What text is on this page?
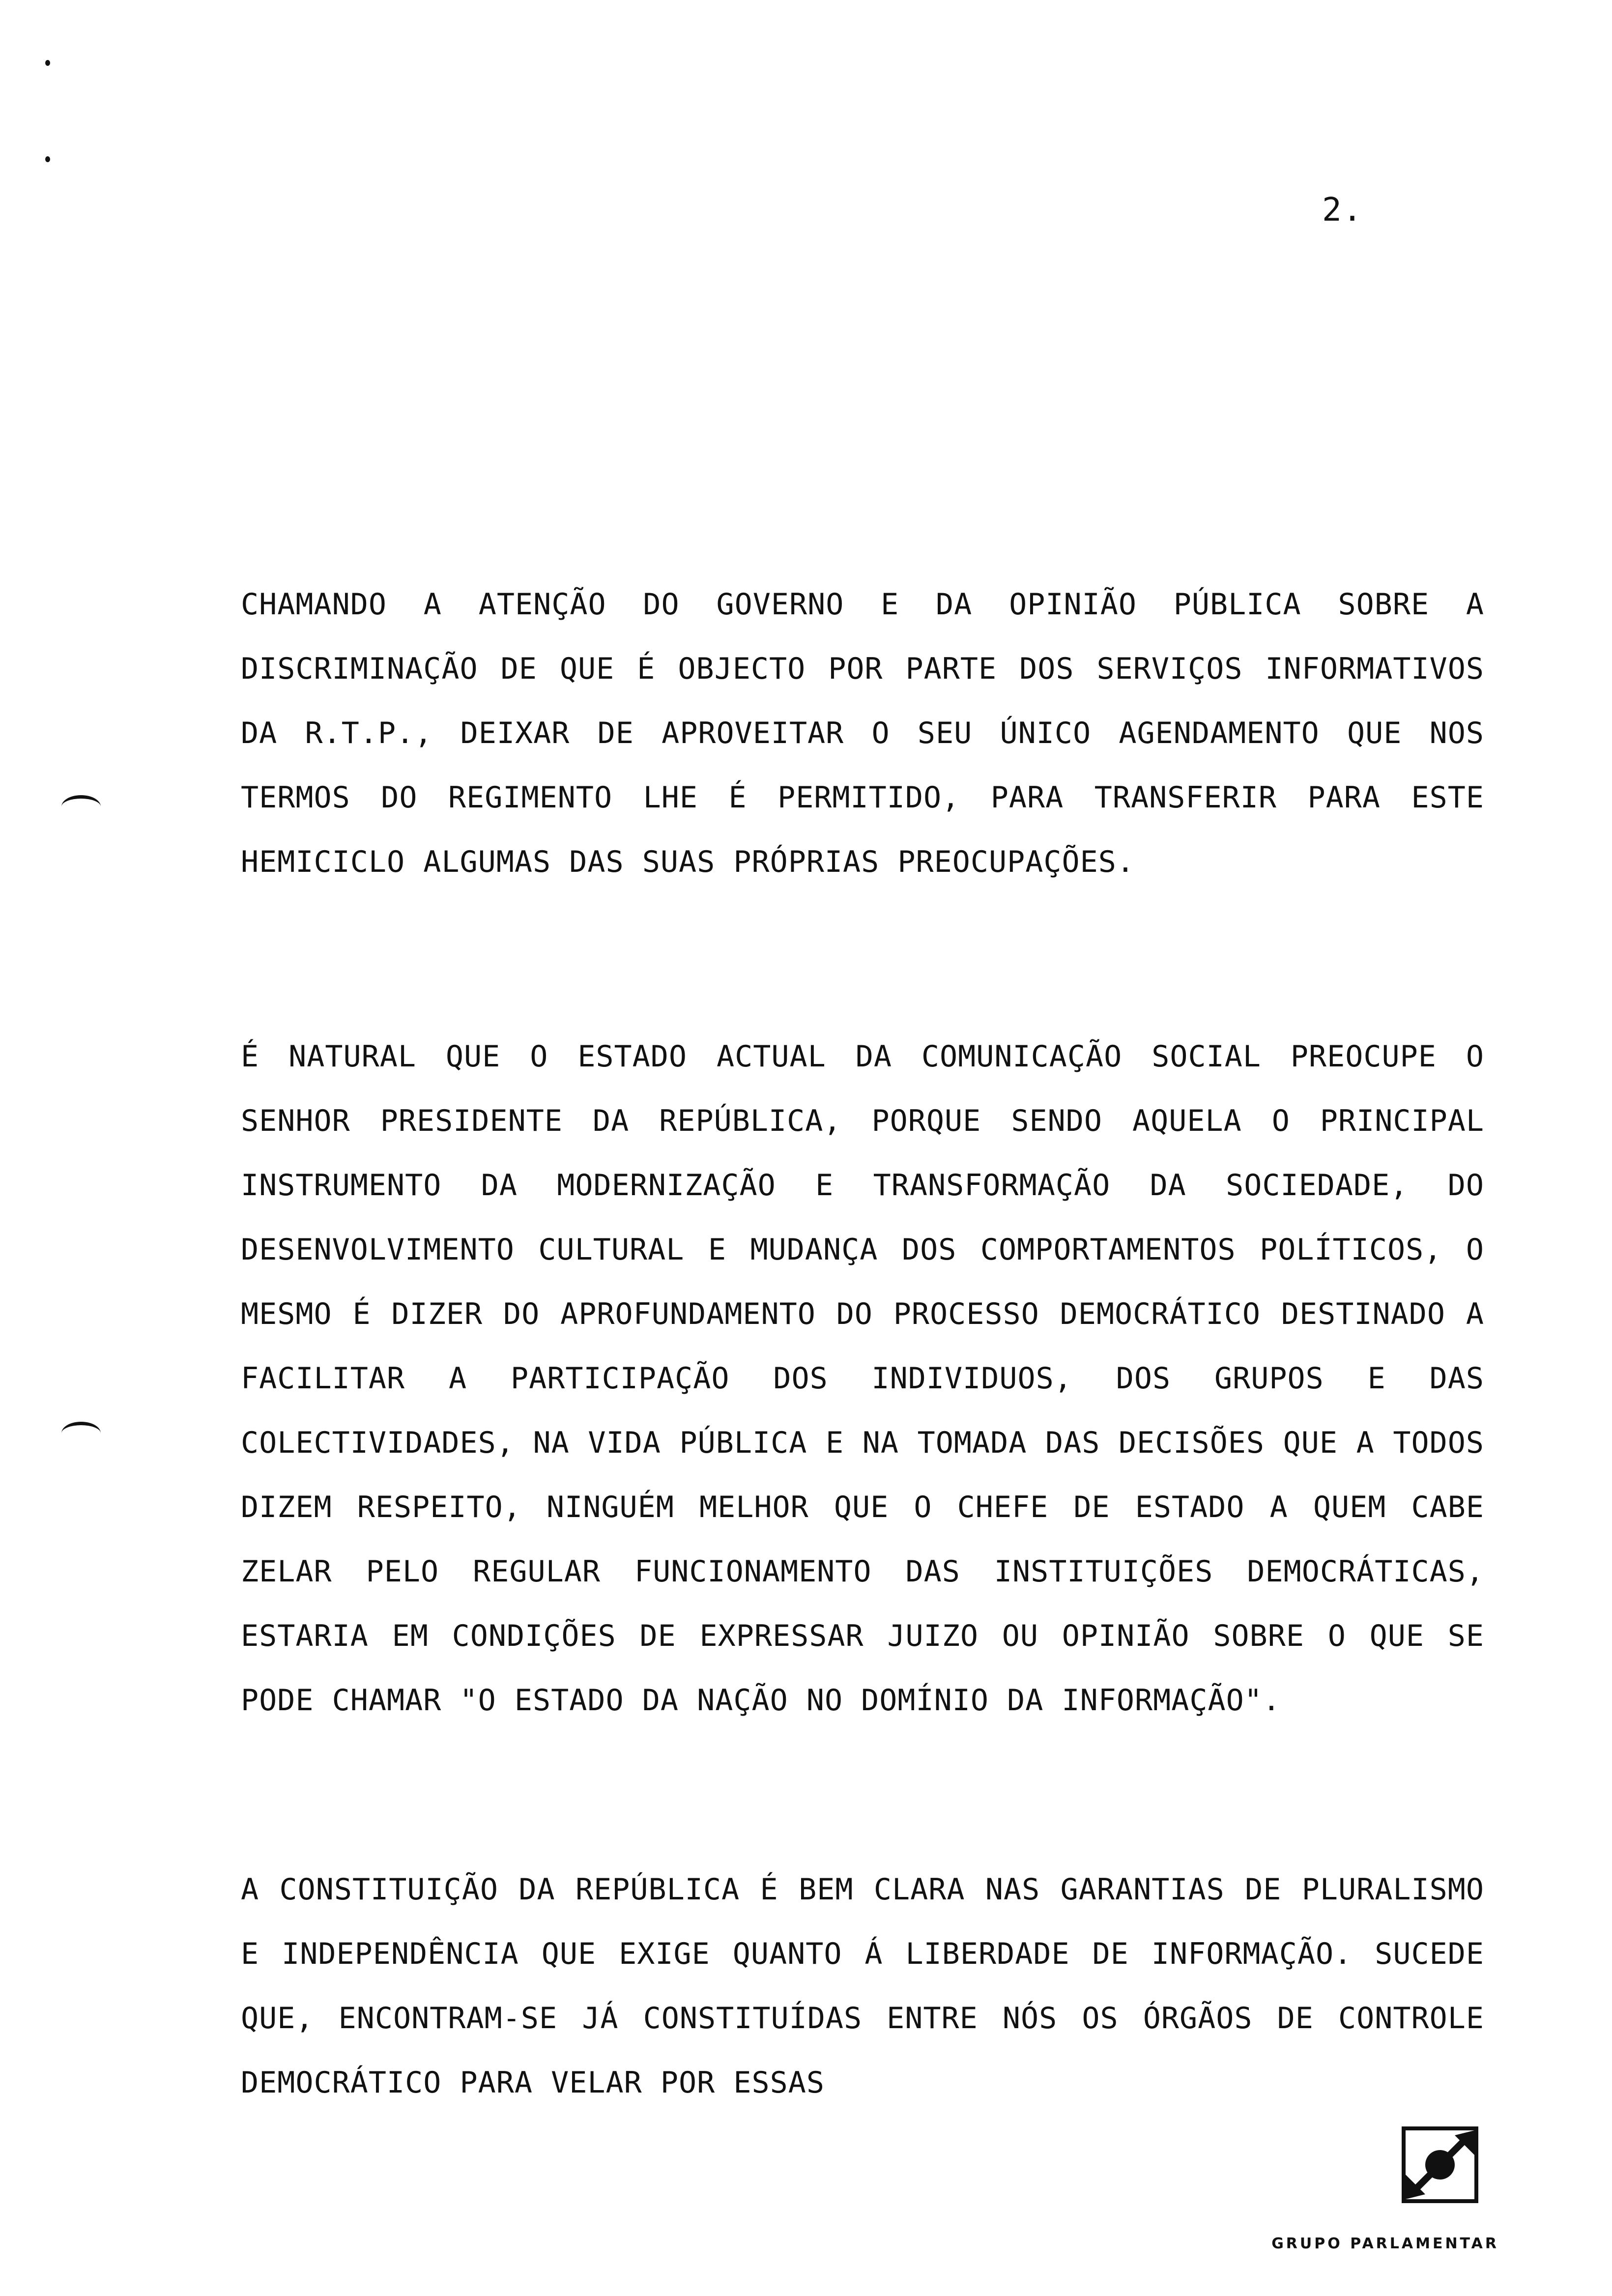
2.

CHAMANDO A ATENÇÃO DO GOVERNO E DA OPINIÃO PÚBLICA SOBRE A DISCRIMINAÇÃO DE QUE É OBJECTO POR PARTE DOS SERVIÇOS INFORMATIVOS DA R.T.P., DEIXAR DE APROVEITAR O SEU ÚNICO AGENDAMENTO QUE NOS TERMOS DO REGIMENTO LHE É PERMITIDO, PARA TRANSFERIR PARA ESTE HEMICICLO ALGUMAS DAS SUAS PRÓPRIAS PREOCUPAÇÕES.

É NATURAL QUE O ESTADO ACTUAL DA COMUNICAÇÃO SOCIAL PREOCUPE O SENHOR PRESIDENTE DA REPÚBLICA, PORQUE SENDO AQUELA O PRINCIPAL INSTRUMENTO DA MODERNIZAÇÃO E TRANSFORMAÇÃO DA SOCIEDADE, DO DESENVOLVIMENTO CULTURAL E MUDANÇA DOS COMPORTAMENTOS POLÍTICOS, O MESMO É DIZER DO APROFUNDAMENTO DO PROCESSO DEMOCRÁTICO DESTINADO A FACILITAR A PARTICIPAÇÃO DOS INDIVIDUOS, DOS GRUPOS E DAS COLECTIVIDADES, NA VIDA PÚBLICA E NA TOMADA DAS DECISÕES QUE A TODOS DIZEM RESPEITO, NINGUÉM MELHOR QUE O CHEFE DE ESTADO A QUEM CABE ZELAR PELO REGULAR FUNCIONAMENTO DAS INSTITUIÇÕES DEMOCRÁTICAS, ESTARIA EM CONDIÇÕES DE EXPRESSAR JUIZO OU OPINIÃO SOBRE O QUE SE PODE CHAMAR "O ESTADO DA NAÇÃO NO DOMÍNIO DA INFORMAÇÃO".

A CONSTITUIÇÃO DA REPÚBLICA É BEM CLARA NAS GARANTIAS DE PLURALISMO E INDEPENDÊNCIA QUE EXIGE QUANTO Á LIBERDADE DE INFORMAÇÃO. SUCEDE QUE, ENCONTRAM-SE JÁ CONSTITUÍDAS ENTRE NÓS OS ÓRGÃOS DE CONTROLE DEMOCRÁTICO PARA VELAR POR ESSAS

GRUPO PARLAMENTAR
